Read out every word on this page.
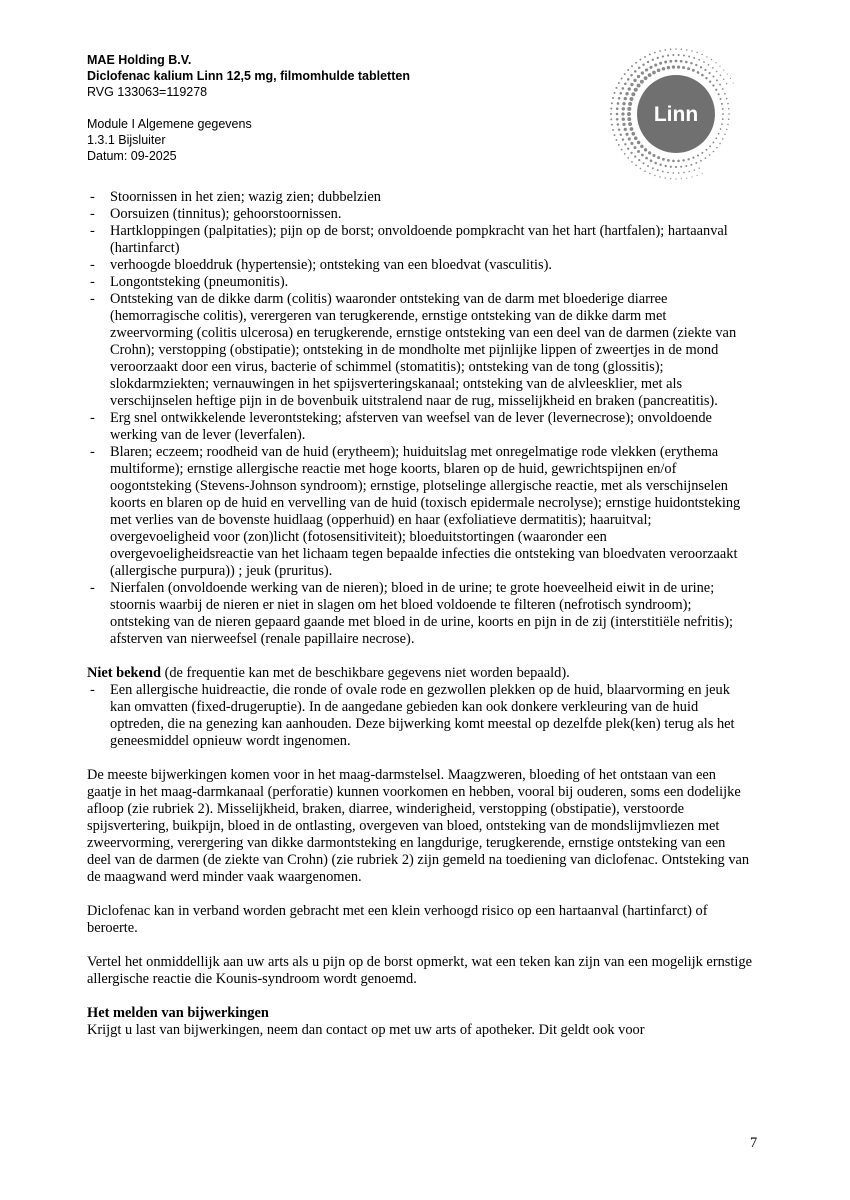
MAE Holding B.V.
Diclofenac kalium Linn 12,5 mg, filmomhulde tabletten
RVG 133063=119278
Module I Algemene gegevens
1.3.1 Bijsluiter
Datum: 09-2025
Linn
- Stoornissen in het zien; wazig zien; dubbelzien
- Oorsuizen (tinnitus); gehoorstoornissen.
- Hartkloppingen (palpitaties); pijn op de borst; onvoldoende pompkracht van het hart (hartfalen); hartaanval (hartinfarct)
- verhoogde bloeddruk (hypertensie); ontsteking van een bloedvat (vasculitis).
- Longontsteking (pneumonitis).
- Ontsteking van de dikke darm (colitis) waaronder ontsteking van de darm met bloederige diarree (hemorragische colitis), verergeren van terugkerende, ernstige ontsteking van de dikke darm met zweervorming (colitis ulcerosa) en terugkerende, ernstige ontsteking van een deel van de darmen (ziekte van Crohn); verstopping (obstipatie); ontsteking in de mondholte met pijnlijke lippen of zweertjes in de mond veroorzaakt door een virus, bacterie of schimmel (stomatitis); ontsteking van de tong (glossitis); slokdarmziekten; vernauwingen in het spijsverteringskanaal; ontsteking van de alvleesklier, met als verschijnselen heftige pijn in de bovenbuik uitstralend naar de rug, misselijkheid en braken (pancreatitis).
- Erg snel ontwikkelende leverontsteking; afsterven van weefsel van de lever (levernecrose); onvoldoende werking van de lever (leverfalen).
- Blaren; eczeem; roodheid van de huid (erytheem); huiduitslag met onregelmatige rode vlekken (erythema multiforme); ernstige allergische reactie met hoge koorts, blaren op de huid, gewrichtspijnen en/of oogontsteking (Stevens-Johnson syndroom); ernstige, plotselinge allergische reactie, met als verschijnselen koorts en blaren op de huid en vervelling van de huid (toxisch epidermale necrolyse); ernstige huidontsteking met verlies van de bovenste huidlaag (opperhuid) en haar (exfoliatieve dermatitis); haaruitval; overgevoeligheid voor (zon)licht (fotosensitiviteit); bloeduitstortingen (waaronder een overgevoeligheidsreactie van het lichaam tegen bepaalde infecties die ontsteking van bloedvaten veroorzaakt (allergische purpura)) ; jeuk (pruritus).
- Nierfalen (onvoldoende werking van de nieren); bloed in de urine; te grote hoeveelheid eiwit in de urine; stoornis waarbij de nieren er niet in slagen om het bloed voldoende te filteren (nefrotisch syndroom); ontsteking van de nieren gepaard gaande met bloed in de urine, koorts en pijn in de zij (interstitiële nefritis); afsterven van nierweefsel (renale papillaire necrose).

Niet bekend (de frequentie kan met de beschikbare gegevens niet worden bepaald).

- Een allergische huidreactie, die ronde of ovale rode en gezwollen plekken op de huid, blaarvorming en jeuk kan omvatten (fixed-drugeruptie). In de aangedane gebieden kan ook donkere verkleuring van de huid optreden, die na genezing kan aanhouden. Deze bijwerking komt meestal op dezelfde plek(ken) terug als het geneesmiddel opnieuw wordt ingenomen.

De meeste bijwerkingen komen voor in het maag-darmstelsel. Maagzweren, bloeding of het ontstaan van een gaatje in het maag-darmkanaal (perforatie) kunnen voorkomen en hebben, vooral bij ouderen, soms een dodelijke afloop (zie rubriek 2). Misselijkheid, braken, diarree, winderigheid, verstopping (obstipatie), verstoorde spijsvertering, buikpijn, bloed in de ontlasting, overgeven van bloed, ontsteking van de mondslijmvliezen met zweervorming, verergering van dikke darmontsteking en langdurige, terugkerende, ernstige ontsteking van een deel van de darmen (de ziekte van Crohn) (zie rubriek 2) zijn gemeld na toediening van diclofenac. Ontsteking van de maagwand werd minder vaak waargenomen.

Diclofenac kan in verband worden gebracht met een klein verhoogd risico op een hartaanval (hartinfarct) of beroerte.

Vertel het onmiddellijk aan uw arts als u pijn op de borst opmerkt, wat een teken kan zijn van een mogelijk ernstige allergische reactie die Kounis-syndroom wordt genoemd.

Het melden van bijwerkingen

Krijgt u last van bijwerkingen, neem dan contact op met uw arts of apotheker. Dit geldt ook voor

7
